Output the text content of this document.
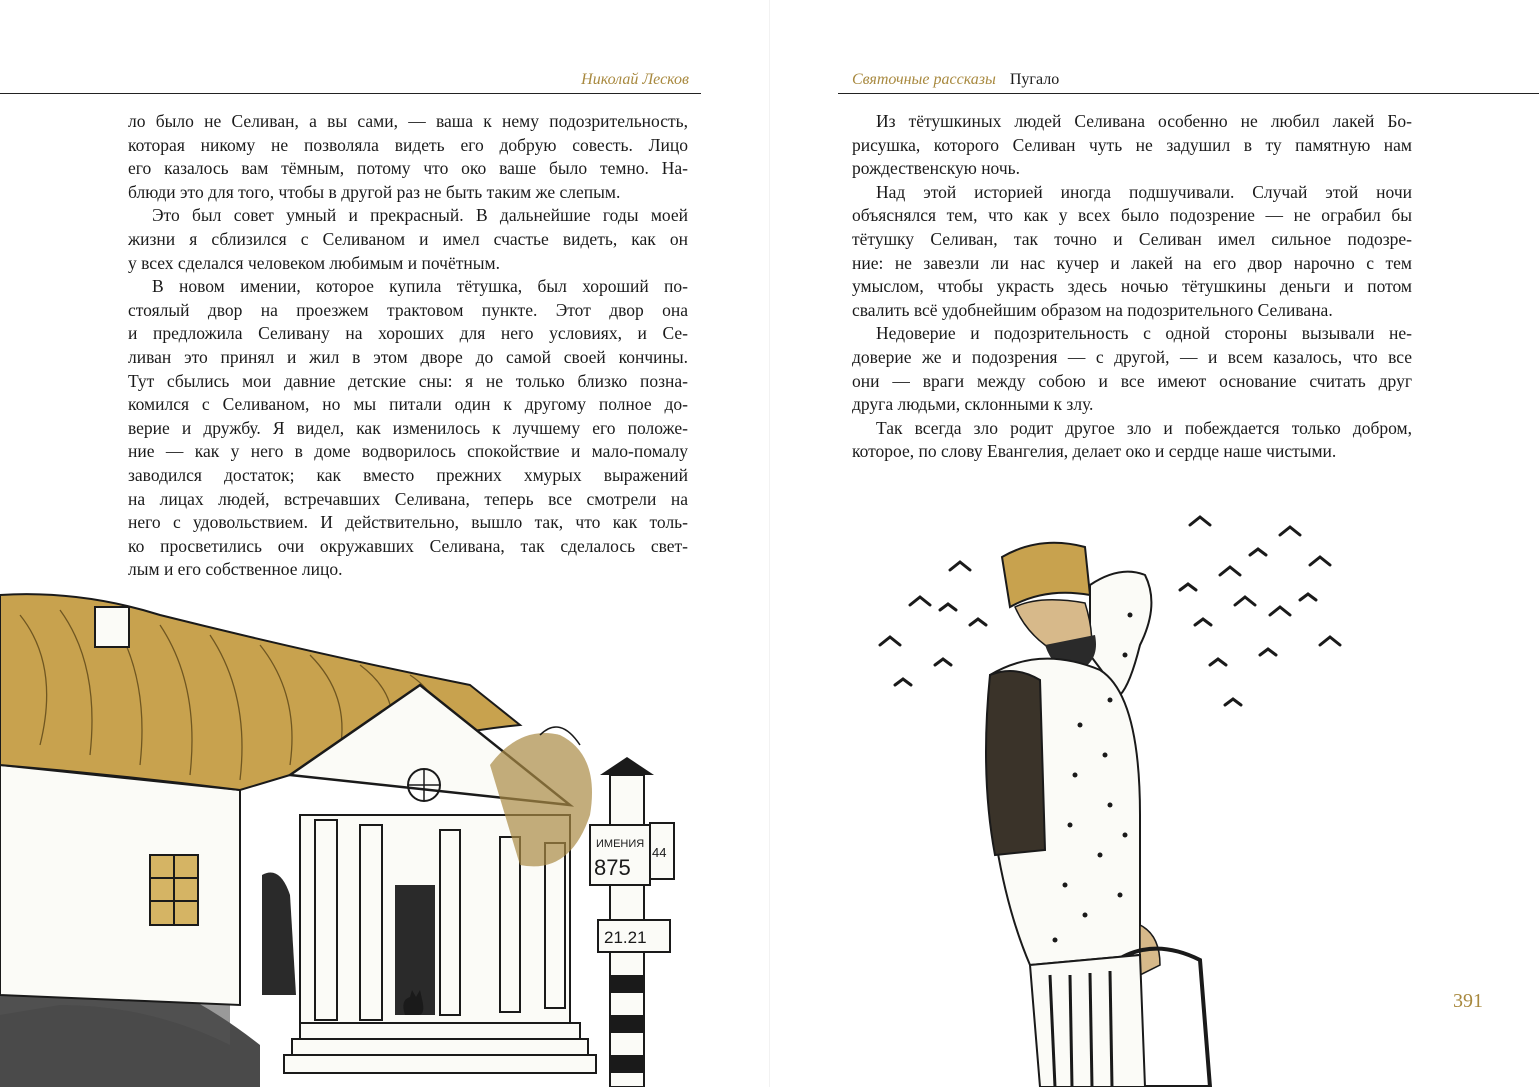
Николай Лесков	Святочные рассказы Пугало
ло было не Селиван, а вы сами, — ваша к нему подозрительность,
которая никому не позволяла видеть его добрую совесть. Лицо
его казалось вам тёмным, потому что око ваше было темно. На-
блюди это для того, чтобы в другой раз не быть таким же слепым.
Это был совет умный и прекрасный. В дальнейшие годы моей
жизни я сблизился с Селиваном и имел счастье видеть, как он
у всех сделался человеком любимым и почётным.
В новом имении, которое купила тётушка, был хороший по-
стоялый двор на проезжем трактовом пункте. Этот двор она
и предложила Селивану на хороших для него условиях, и Се-
ливан это принял и жил в этом дворе до самой своей кончины.
Тут сбылись мои давние детские сны: я не только близко позна-
комился с Селиваном, но мы питали один к другому полное до-
верие и дружбу. Я видел, как изменилось к лучшему его положе-
ние — как у него в доме водворилось спокойствие и мало-помалу
заводился достаток; как вместо прежних хмурых выражений
на лицах людей, встречавших Селивана, теперь все смотрели на
него с удовольствием. И действительно, вышло так, что как толь-
ко просветились очи окружавших Селивана, так сделалось свет-
лым и его собственное лицо.
Из тётушкиных людей Селивана особенно не любил лакей Бо-
рисушка, которого Селиван чуть не задушил в ту памятную нам
рождественскую ночь.
Над этой историей иногда подшучивали. Случай этой ночи
объяснялся тем, что как у всех было подозрение — не ограбил бы
тётушку Селиван, так точно и Селиван имел сильное подозре-
ние: не завезли ли нас кучер и лакей на его двор нарочно с тем
умыслом, чтобы украсть здесь ночью тётушкины деньги и потом
свалить всё удобнейшим образом на подозрительного Селивана.
Недоверие и подозрительность с одной стороны вызывали не-
доверие же и подозрения — с другой, — и всем казалось, что все
они — враги между собою и все имеют основание считать друг
друга людьми, склонными к злу.
Так всегда зло родит другое зло и побеждается только добром,
которое, по слову Евангелия, делает око и сердце наше чистыми.
ИМЕНИЯ
875
44
21.21
391
